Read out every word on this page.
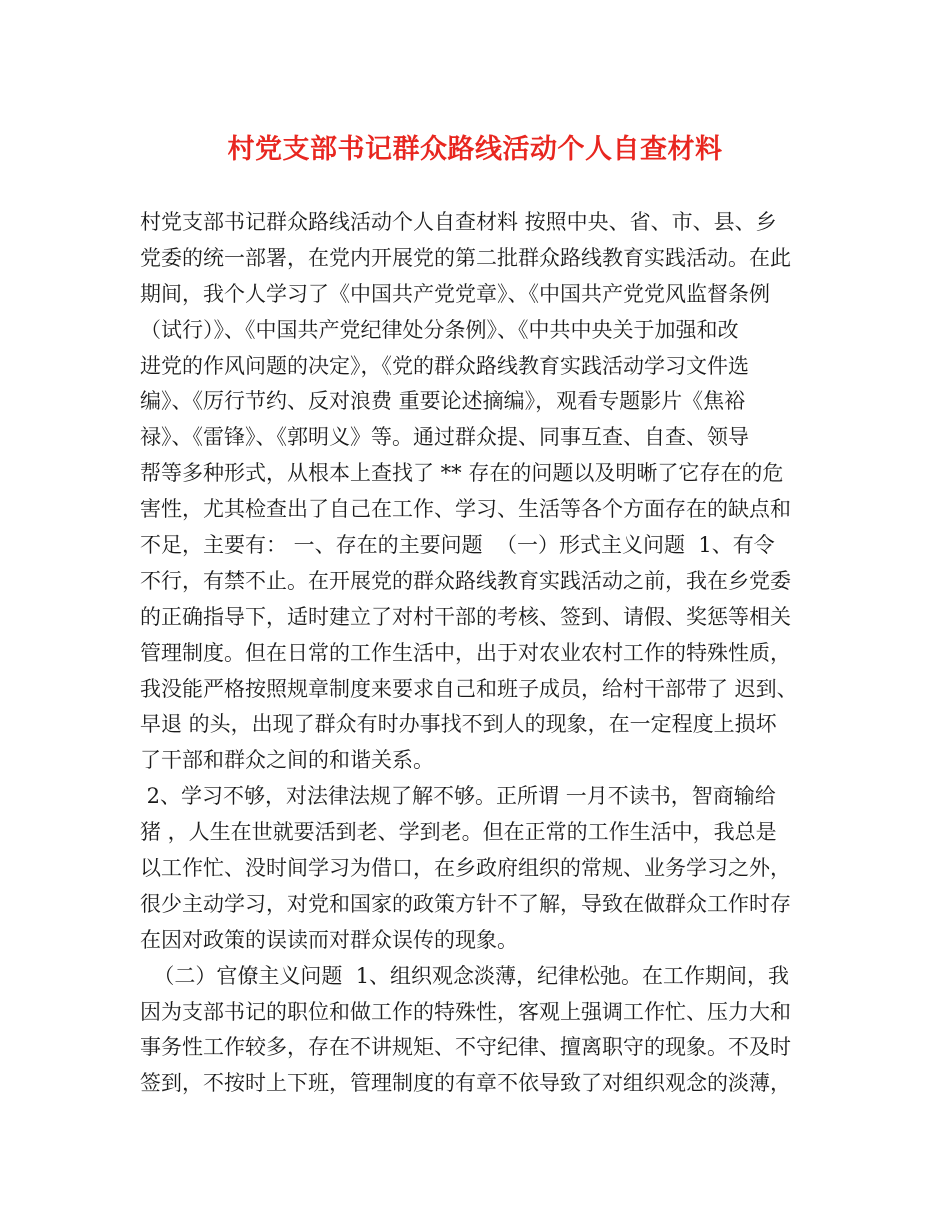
村党支部书记群众路线活动个人自查材料
村党支部书记群众路线活动个人自查材料 按照中央、省、市、县、乡
党委的统一部署，在党内开展党的第二批群众路线教育实践活动。在此
期间，我个人学习了《中国共产党党章》、《中国共产党党风监督条例
（试行）》、《中国共产党纪律处分条例》、《中共中央关于加强和改
进党的作风问题的决定》，《党的群众路线教育实践活动学习文件选
编》、《厉行节约、反对浪费 重要论述摘编》，观看专题影片《焦裕
禄》、《雷锋》、《郭明义》等。通过群众提、同事互查、自查、领导
帮等多种形式，从根本上查找了 ** 存在的问题以及明晰了它存在的危
害性，尤其检查出了自己在工作、学习、生活等各个方面存在的缺点和
不足，主要有： 一、存在的主要问题  （一）形式主义问题  1、有令
不行，有禁不止。在开展党的群众路线教育实践活动之前，我在乡党委
的正确指导下，适时建立了对村干部的考核、签到、请假、奖惩等相关
管理制度。但在日常的工作生活中，出于对农业农村工作的特殊性质，
我没能严格按照规章制度来要求自己和班子成员，给村干部带了 迟到、
早退 的头，出现了群众有时办事找不到人的现象，在一定程度上损坏
了干部和群众之间的和谐关系。
2、学习不够，对法律法规了解不够。正所谓 一月不读书，智商输给
猪 ，人生在世就要活到老、学到老。但在正常的工作生活中，我总是
以工作忙、没时间学习为借口，在乡政府组织的常规、业务学习之外，
很少主动学习，对党和国家的政策方针不了解，导致在做群众工作时存
在因对政策的误读而对群众误传的现象。
（二）官僚主义问题  1、组织观念淡薄，纪律松弛。在工作期间，我
因为支部书记的职位和做工作的特殊性，客观上强调工作忙、压力大和
事务性工作较多，存在不讲规矩、不守纪律、擅离职守的现象。不及时
签到，不按时上下班，管理制度的有章不依导致了对组织观念的淡薄，
